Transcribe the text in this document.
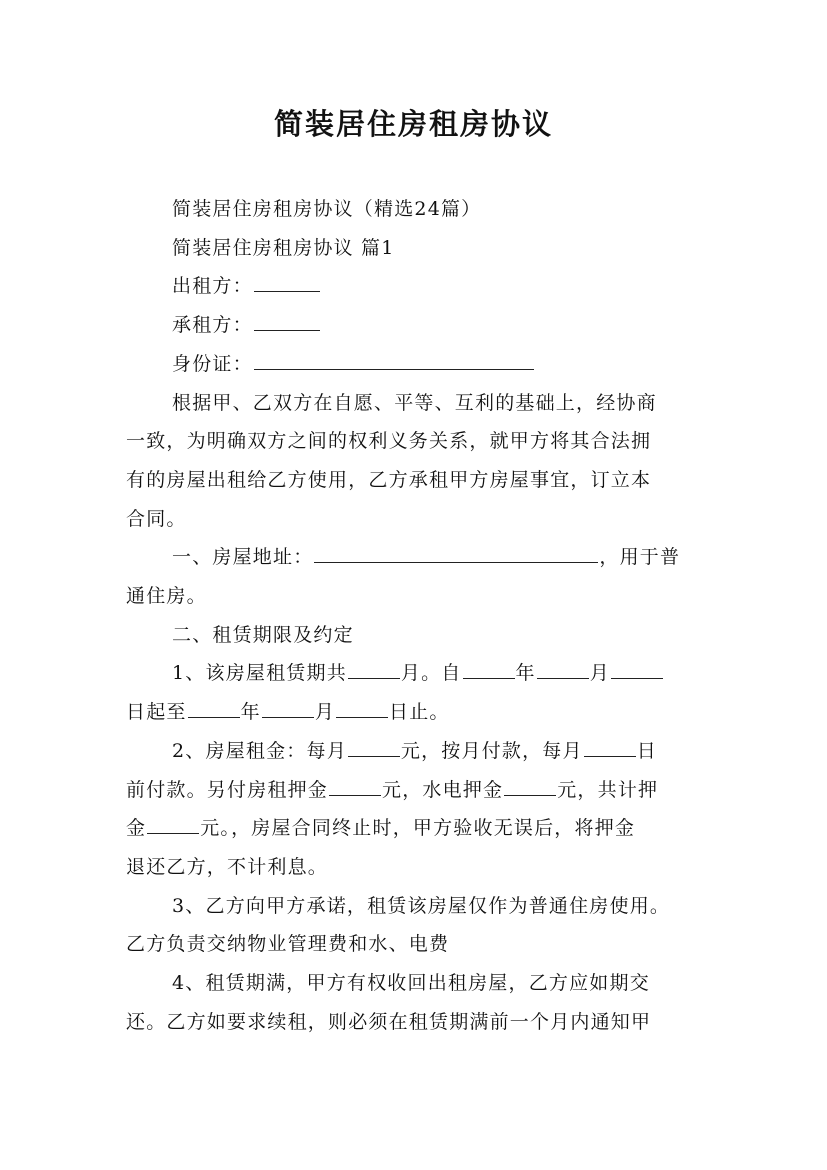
简装居住房租房协议

简装居住房租房协议（精选24篇）

简装居住房租房协议 篇1

出租方：

承租方：

身份证：

根据甲、乙双方在自愿、平等、互利的基础上，经协商

一致，为明确双方之间的权利义务关系，就甲方将其合法拥

有的房屋出租给乙方使用，乙方承租甲方房屋事宜，订立本

合同。

一、房屋地址：	，用于普

通住房。

二、租赁期限及约定

1、该房屋租赁期共	月。自	年	月

日起至	年	月	日止。

2、房屋租金：每月	元，按月付款，每月	日

前付款。另付房租押金	元，水电押金	元，共计押

金	元。，房屋合同终止时，甲方验收无误后，将押金

退还乙方，不计利息。

3、乙方向甲方承诺，租赁该房屋仅作为普通住房使用。

乙方负责交纳物业管理费和水、电费

4、租赁期满，甲方有权收回出租房屋，乙方应如期交

还。乙方如要求续租，则必须在租赁期满前一个月内通知甲
